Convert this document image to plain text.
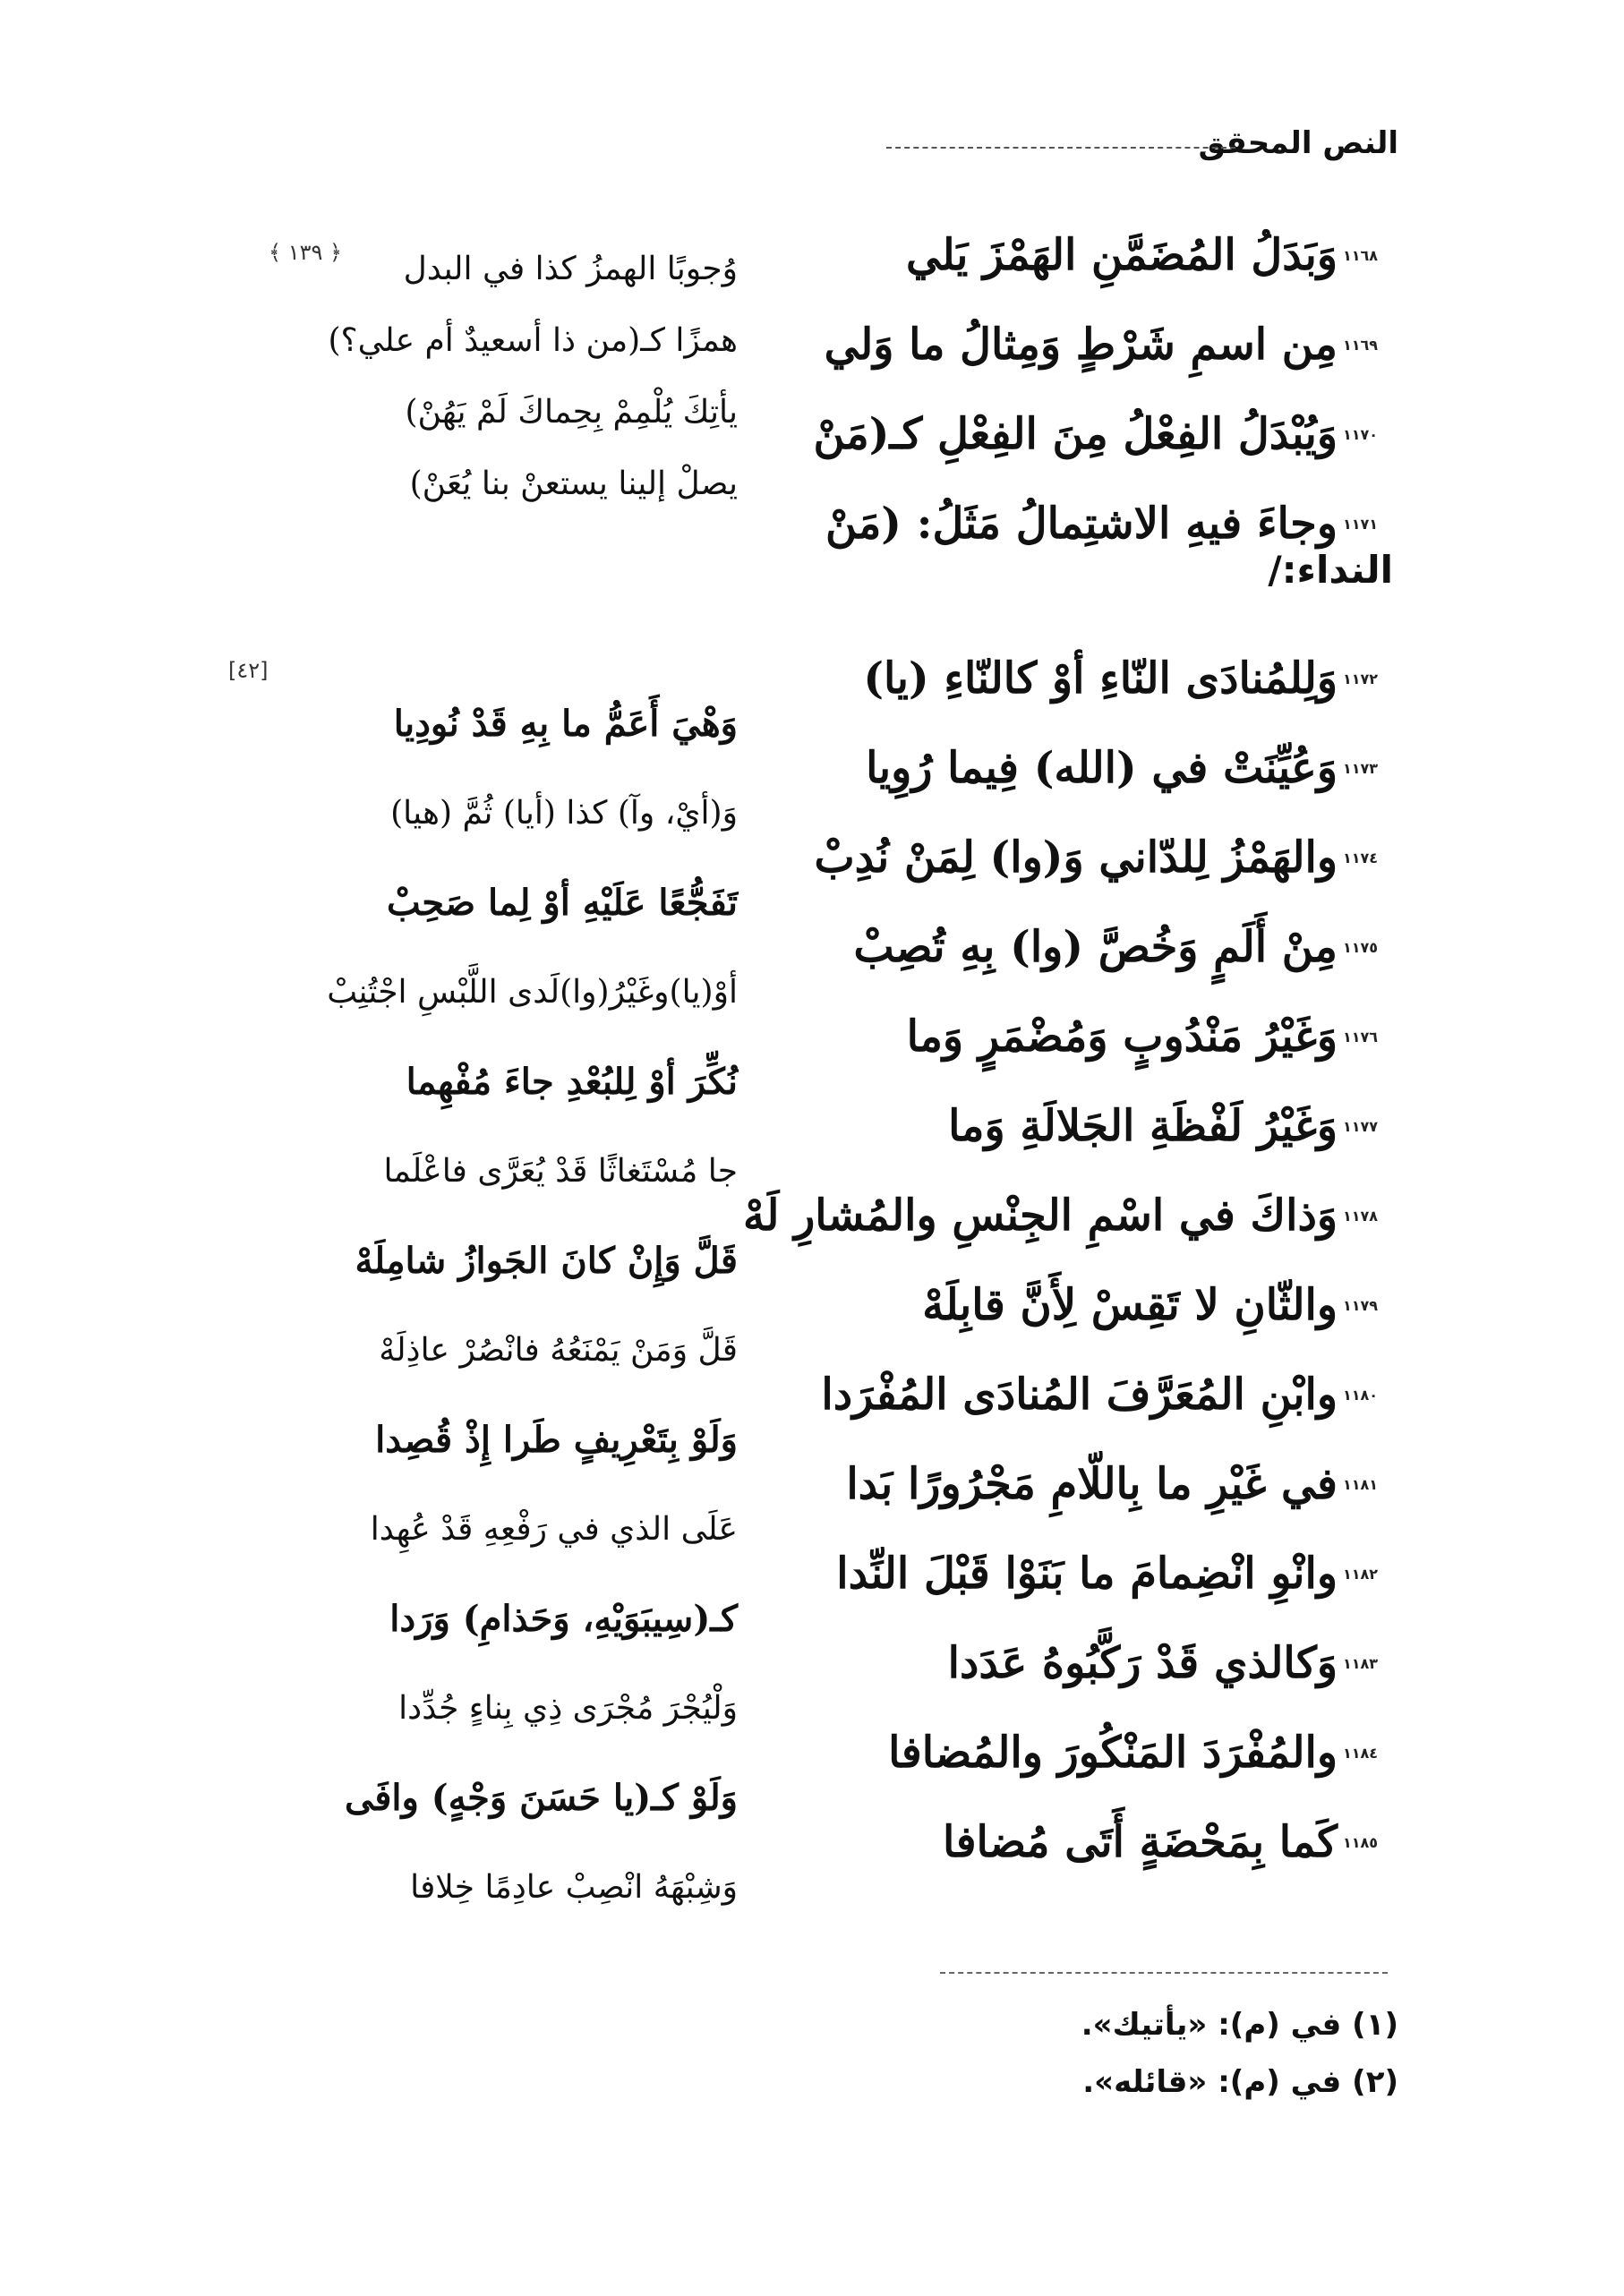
النص المحقق
﴿ ١٣٩ ﴾
[٤٢]
١١٦٨
وَبَدَلُ المُضَمَّنِ الهَمْزَ يَلي
١١٦٩
مِن اسمِ شَرْطٍ وَمِثالُ ما وَلي
١١٧٠
وَيُبْدَلُ الفِعْلُ مِنَ الفِعْلِ كـ(مَنْ
١١٧١
وجاءَ فيهِ الاشتِمالُ مَثَلُ: (مَنْ
وُجوبًا الهمزُ كذا في البدل
همزًا كـ(من ذا أسعيدٌ أم علي؟)
يأتِكَ يُلْمِمْ بِحِماكَ لَمْ يَهُنْ)
يصلْ إلينا يستعنْ بنا يُعَنْ)
النداء:/
١١٧٢
وَلِلمُنادَى النّاءِ أوْ كالنّاءِ (يا)
١١٧٣
وَعُيِّنَتْ في (الله) فِيما رُوِيا
١١٧٤
والهَمْزُ لِلدّاني وَ(وا) لِمَنْ نُدِبْ
١١٧٥
مِنْ أَلَمٍ وَخُصَّ (وا) بِهِ تُصِبْ
١١٧٦
وَغَيْرُ مَنْدُوبٍ وَمُضْمَرٍ وَما
١١٧٧
وَغَيْرُ لَفْظَةِ الجَلالَةِ وَما
١١٧٨
وَذاكَ في اسْمِ الجِنْسِ والمُشارِ لَهْ
١١٧٩
والثّانِ لا تَقِسْ لِأَنَّ قابِلَهْ
١١٨٠
وابْنِ المُعَرَّفَ المُنادَى المُفْرَدا
١١٨١
في غَيْرِ ما بِاللّامِ مَجْرُورًا بَدا
١١٨٢
وانْوِ انْضِمامَ ما بَنَوْا قَبْلَ النِّدا
١١٨٣
وَكالذي قَدْ رَكَّبُوهُ عَدَدا
١١٨٤
والمُفْرَدَ المَنْكُورَ والمُضافا
١١٨٥
كَما بِمَحْضَةٍ أَتَى مُضافا
وَهْيَ أَعَمُّ ما بِهِ قَدْ نُودِيا
وَ(أيْ، وآ) كذا (أيا) ثُمَّ (هيا)
تَفَجُّعًا عَلَيْهِ أوْ لِما صَحِبْ
أوْ(يا)وغَيْرُ(وا)لَدى اللَّبْسِ اجْتُنِبْ
نُكِّرَ أوْ لِلبُعْدِ جاءَ مُفْهِما
جا مُسْتَغاثًا قَدْ يُعَرَّى فاعْلَما
قَلَّ وَإِنْ كانَ الجَوازُ شامِلَهْ
قَلَّ وَمَنْ يَمْنَعُهُ فانْصُرْ عاذِلَهْ
وَلَوْ بِتَعْرِيفٍ طَرا إِذْ قُصِدا
عَلَى الذي في رَفْعِهِ قَدْ عُهِدا
كـ(سِيبَوَيْهِ، وَحَذامِ) وَرَدا
وَلْيُجْرَ مُجْرَى ذِي بِناءٍ جُدِّدا
وَلَوْ كـ(يا حَسَنَ وَجْهٍ) وافَى
وَشِبْهَهُ انْصِبْ عادِمًا خِلافا
(١) في (م): «يأتيك».
(٢) في (م): «قائله».
